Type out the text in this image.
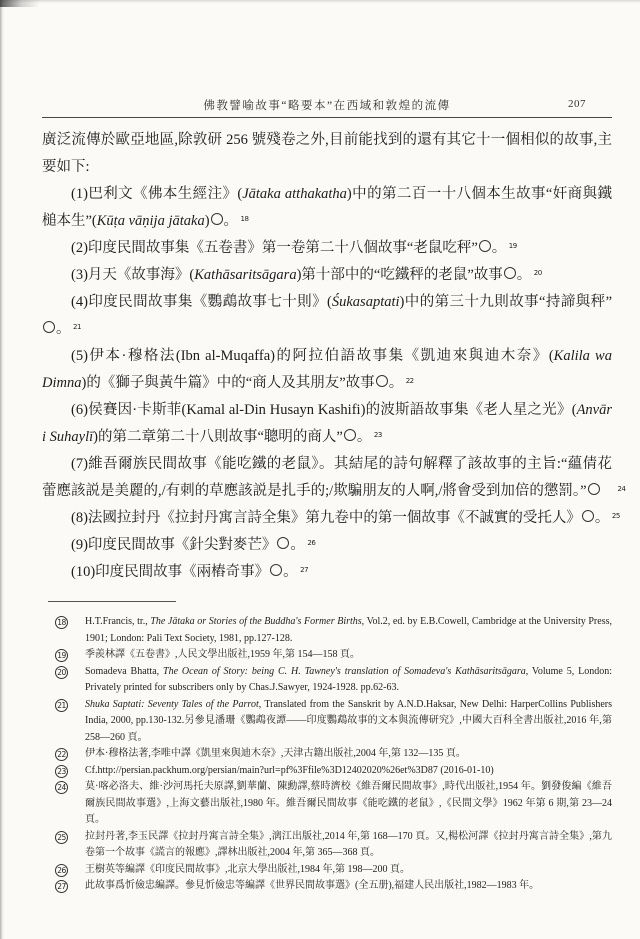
佛教譬喻故事“略要本”在西域和敦煌的流傳	207

廣泛流傳於歐亞地區,除敦研 256 號殘卷之外,目前能找到的還有其它十一個相似的故事,主要如下:

(1)巴利文《佛本生經注》(Jātaka atthakatha)中的第二百一十八個本生故事“奸商與鐵槌本生”(Kūṭa vāṇija jātaka)	18。

(2)印度民間故事集《五卷書》第一卷第二十八個故事“老鼠吃秤”	19。

(3)月天《故事海》(Kathāsaritsāgara)第十部中的“吃鐵秤的老鼠”故事	20。

(4)印度民間故事集《鸚鵡故事七十則》(Śukasaptati)中的第三十九則故事“持諦與秤”21。

(5)伊本·穆格法(Ibn al-Muqaffa)的阿拉伯語故事集《凱迪來與迪木奈》(Kalila wa Dimna)的《獅子與黃牛篇》中的“商人及其朋友”故事	22。

(6)侯賽因·卡斯菲(Kamal al-Din Husayn Kashifi)的波斯語故事集《老人星之光》(Anvār i Suhaylī)的第二章第二十八則故事“聰明的商人”	23。

(7)維吾爾族民間故事《能吃鐵的老鼠》。其結尾的詩句解釋了該故事的主旨:“蘊倩花蕾應該説是美麗的,/有刺的草應該説是扎手的;/欺騙朋友的人啊,/將會受到加倍的懲罰。”	24

(8)法國拉封丹《拉封丹寓言詩全集》第九卷中的第一個故事《不誠實的受托人》	25。

(9)印度民間故事《針尖對麥芒》	26。

(10)印度民間故事《兩樁奇事》	27。

18 H.T.Francis, tr., The Jātaka or Stories of the Buddha's Former Births, Vol.2, ed. by E.B.Cowell, Cambridge at the University Press, 1901; London: Pali Text Society, 1981, pp.127-128.
19 季羨林譯《五卷書》,人民文學出版社,1959 年,第 154—158 頁。
20 Somadeva Bhatta, The Ocean of Story: being C. H. Tawney's translation of Somadeva's Kathāsaritsāgara, Volume 5, London: Privately printed for subscribers only by Chas.J.Sawyer, 1924-1928. pp.62-63.
21 Shuka Saptati: Seventy Tales of the Parrot, Translated from the Sanskrit by A.N.D.Haksar, New Delhi: HarperCollins Publishers India, 2000, pp.130-132.另參見潘珊《鸚鵡夜譚——印度鸚鵡故事的文本與流傳研究》,中國大百科全書出版社,2016 年,第 258—260 頁。
22 伊本·穆格法著,李唯中譯《凱里來與迪木奈》,天津古籍出版社,2004 年,第 132—135 頁。
23 Cf.http://persian.packhum.org/persian/main?url=pf%3Ffile%3D12402020%26et%3D87 (2016-01-10)
24 莫·喀必洛夫、維·沙河馬托夫原譯,劉華蘭、陳勳譯,蔡時濟校《維吾爾民間故事》,時代出版社,1954 年。劉發俊編《維吾爾族民間故事選》,上海文藝出版社,1980 年。維吾爾民間故事《能吃鐵的老鼠》,《民間文學》1962 年第 6 期,第 23—24 頁。
25 拉封丹著,李玉民譯《拉封丹寓言詩全集》,漓江出版社,2014 年,第 168—170 頁。又,楊松河譯《拉封丹寓言詩全集》,第九卷第一个故事《謊言的報應》,譯林出版社,2004 年,第 365—368 頁。
26 王樹英等編譯《印度民間故事》,北京大學出版社,1984 年,第 198—200 頁。
27 此故事爲忻儉忠編譯。參見忻儉忠等編譯《世界民間故事選》(全五册),福建人民出版社,1982—1983 年。
